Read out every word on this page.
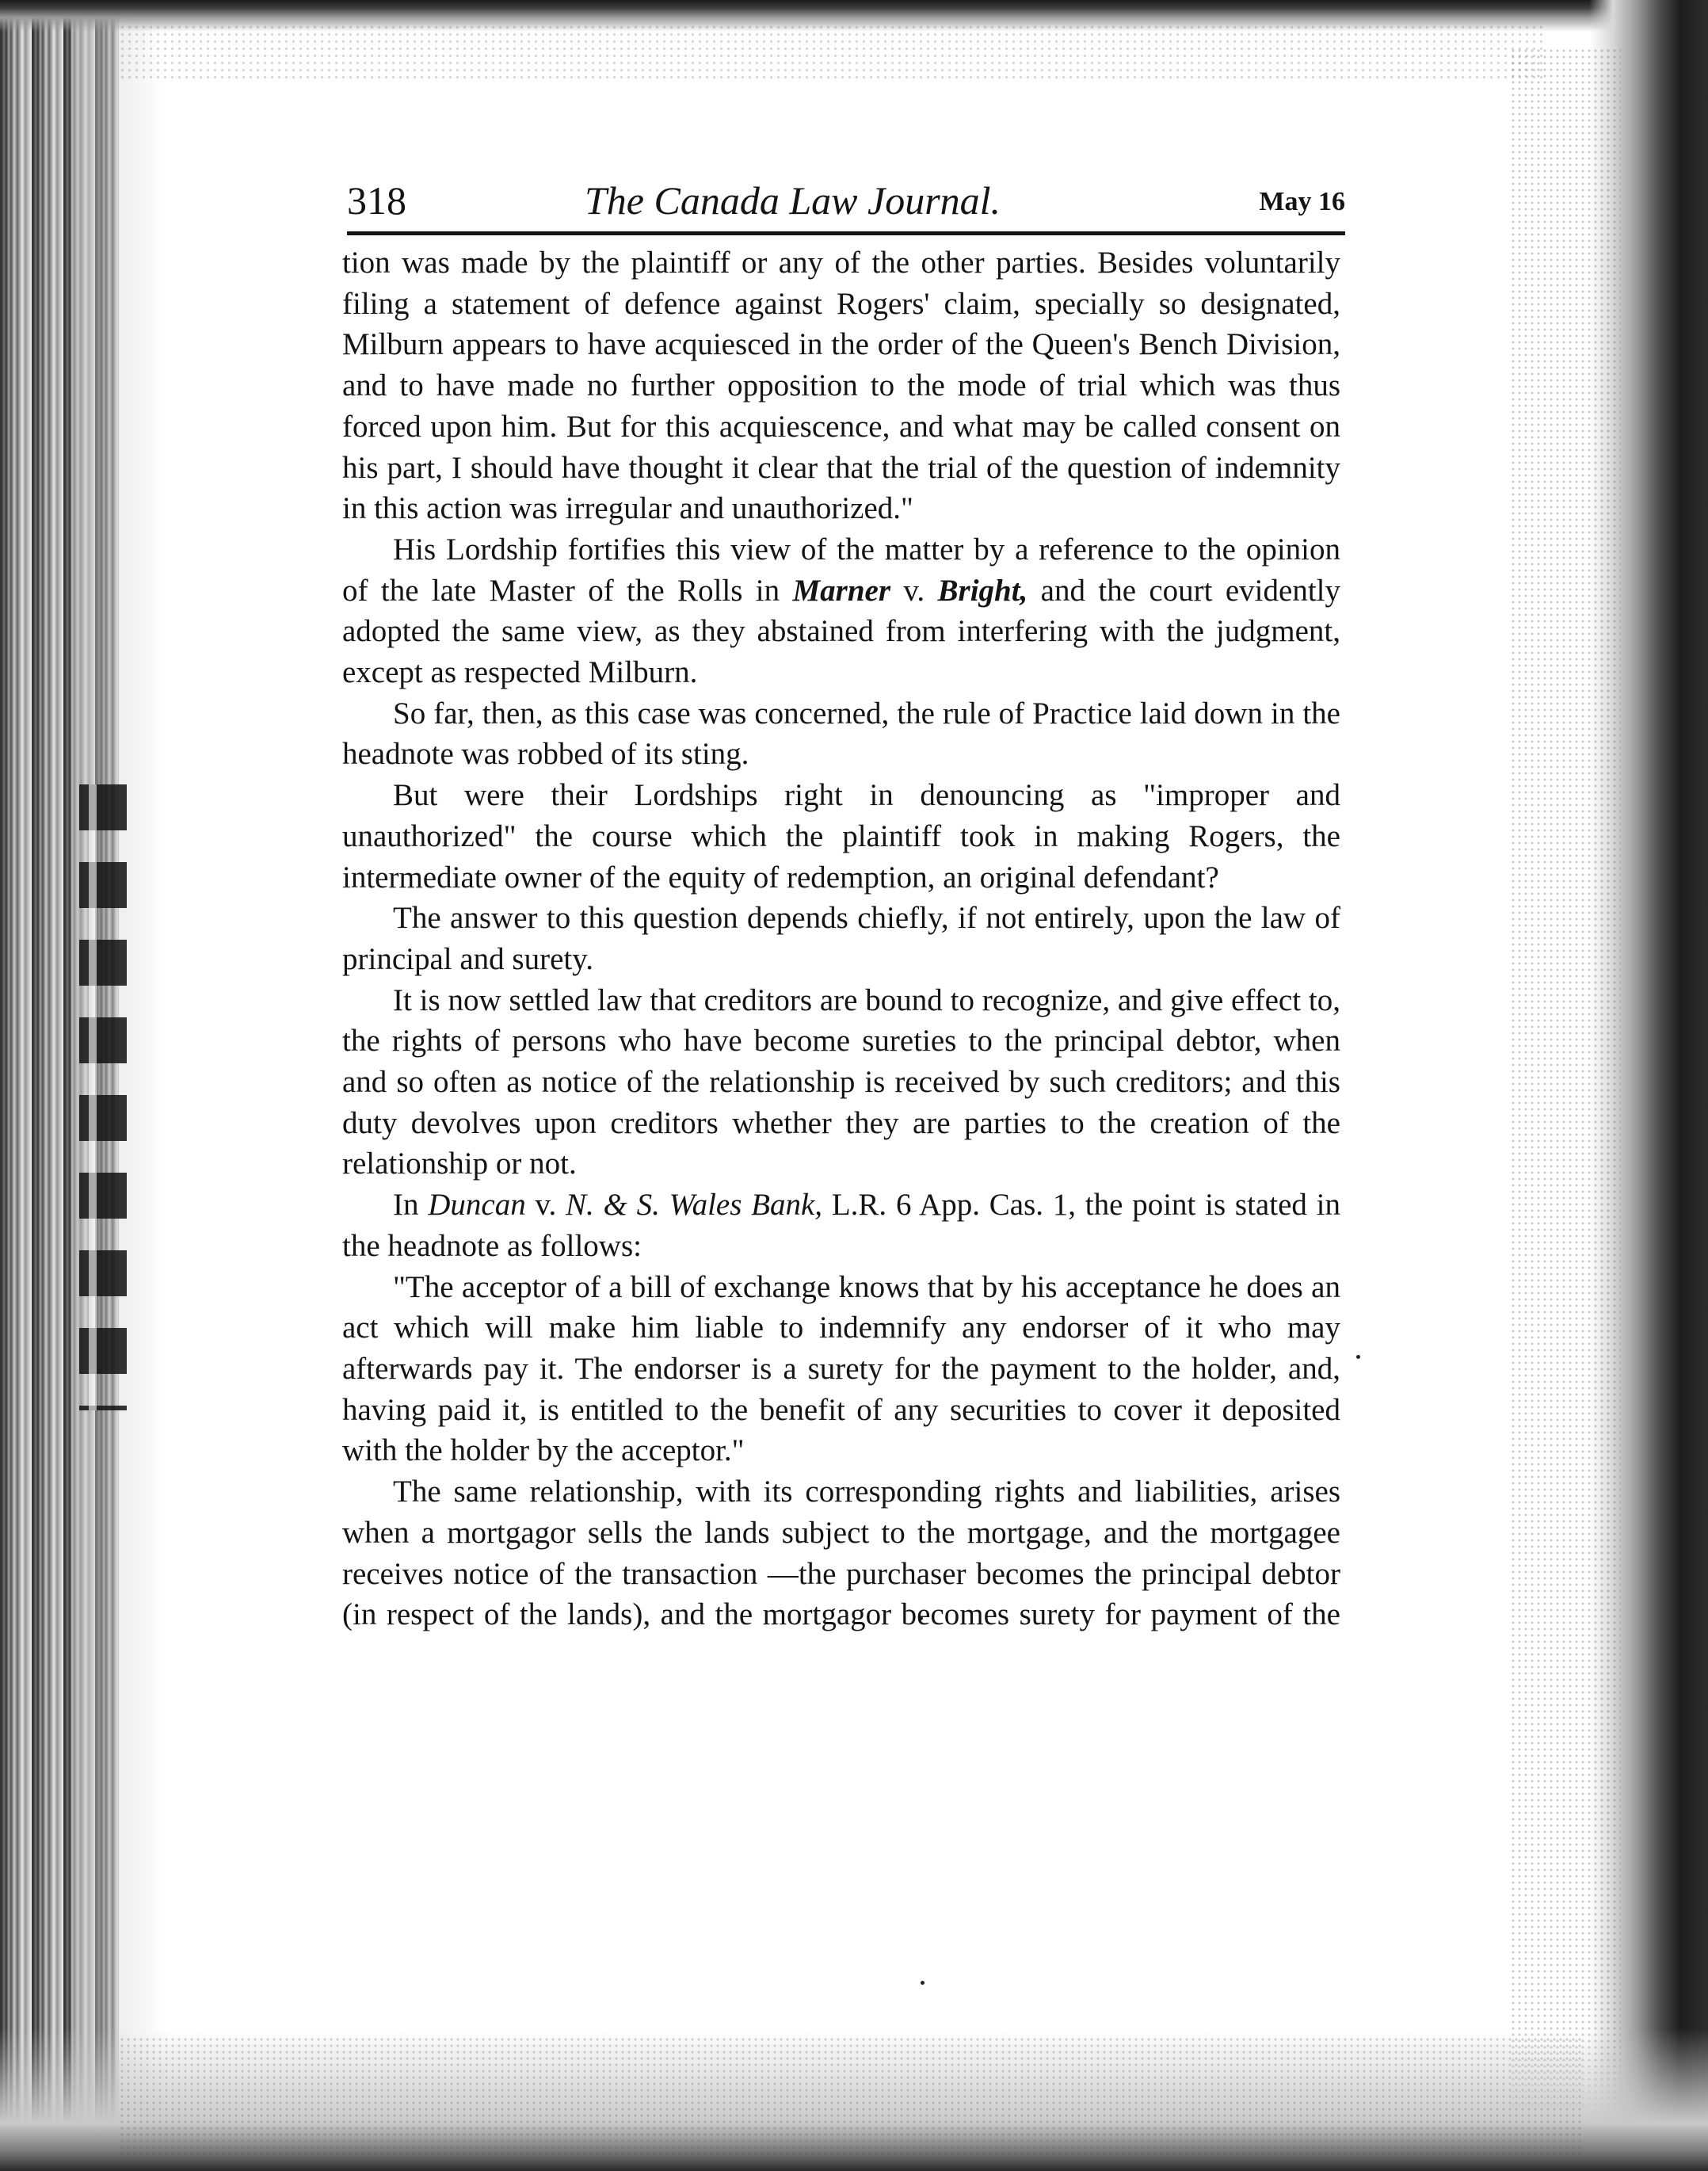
318	The Canada Law Journal.	May 16

tion was made by the plaintiff or any of the other parties. Besides voluntarily filing a statement of defence against Rogers' claim, specially so designated, Milburn appears to have acquiesced in the order of the Queen's Bench Division, and to have made no further opposition to the mode of trial which was thus forced upon him. But for this acquiescence, and what may be called consent on his part, I should have thought it clear that the trial of the question of indemnity in this action was irregular and unauthorized."

His Lordship fortifies this view of the matter by a reference to the opinion of the late Master of the Rolls in Marner v. Bright, and the court evidently adopted the same view, as they abstained from interfering with the judgment, except as respected Milburn.

So far, then, as this case was concerned, the rule of Practice laid down in the headnote was robbed of its sting.

But were their Lordships right in denouncing as "improper and unauthorized" the course which the plaintiff took in making Rogers, the intermediate owner of the equity of redemption, an original defendant?

The answer to this question depends chiefly, if not entirely, upon the law of principal and surety.

It is now settled law that creditors are bound to recognize, and give effect to, the rights of persons who have become sureties to the principal debtor, when and so often as notice of the relationship is received by such creditors; and this duty devolves upon creditors whether they are parties to the creation of the relationship or not.

In Duncan v. N. & S. Wales Bank, L.R. 6 App. Cas. 1, the point is stated in the headnote as follows:

"The acceptor of a bill of exchange knows that by his acceptance he does an act which will make him liable to indemnify any endorser of it who may afterwards pay it. The endorser is a surety for the payment to the holder, and, having paid it, is entitled to the benefit of any securities to cover it deposited with the holder by the acceptor."

The same relationship, with its corresponding rights and liabilities, arises when a mortgagor sells the lands subject to the mortgage, and the mortgagee receives notice of the transaction —the purchaser becomes the principal debtor (in respect of the lands), and the mortgagor becomes surety for payment of the
